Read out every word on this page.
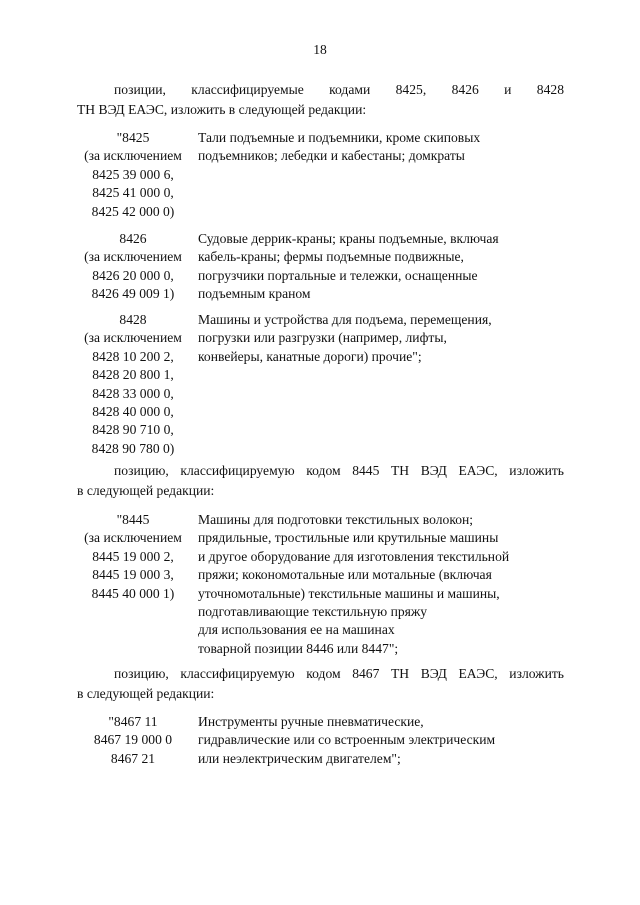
18
позиции, классифицируемые кодами 8425, 8426 и 8428
ТН ВЭД ЕАЭС, изложить в следующей редакции:
"8425
(за исключением
8425 39 000 6,
8425 41 000 0,
8425 42 000 0)
Тали подъемные и подъемники, кроме скиповых
подъемников; лебедки и кабестаны; домкраты
8426
(за исключением
8426 20 000 0,
8426 49 009 1)
Судовые деррик-краны; краны подъемные, включая
кабель-краны; фермы подъемные подвижные,
погрузчики портальные и тележки, оснащенные
подъемным краном
8428
(за исключением
8428 10 200 2,
8428 20 800 1,
8428 33 000 0,
8428 40 000 0,
8428 90 710 0,
8428 90 780 0)
Машины и устройства для подъема, перемещения,
погрузки или разгрузки (например, лифты,
конвейеры, канатные дороги) прочие";
позицию, классифицируемую кодом 8445 ТН ВЭД ЕАЭС, изложить
в следующей редакции:
"8445
(за исключением
8445 19 000 2,
8445 19 000 3,
8445 40 000 1)
Машины для подготовки текстильных волокон;
прядильные, тростильные или крутильные машины
и другое оборудование для изготовления текстильной
пряжи; кокономотальные или мотальные (включая
уточномотальные) текстильные машины и машины,
подготавливающие текстильную пряжу
для использования ее на машинах
товарной позиции 8446 или 8447";
позицию, классифицируемую кодом 8467 ТН ВЭД ЕАЭС, изложить
в следующей редакции:
"8467 11
8467 19 000 0
8467 21
Инструменты ручные пневматические,
гидравлические или со встроенным электрическим
или неэлектрическим двигателем";
